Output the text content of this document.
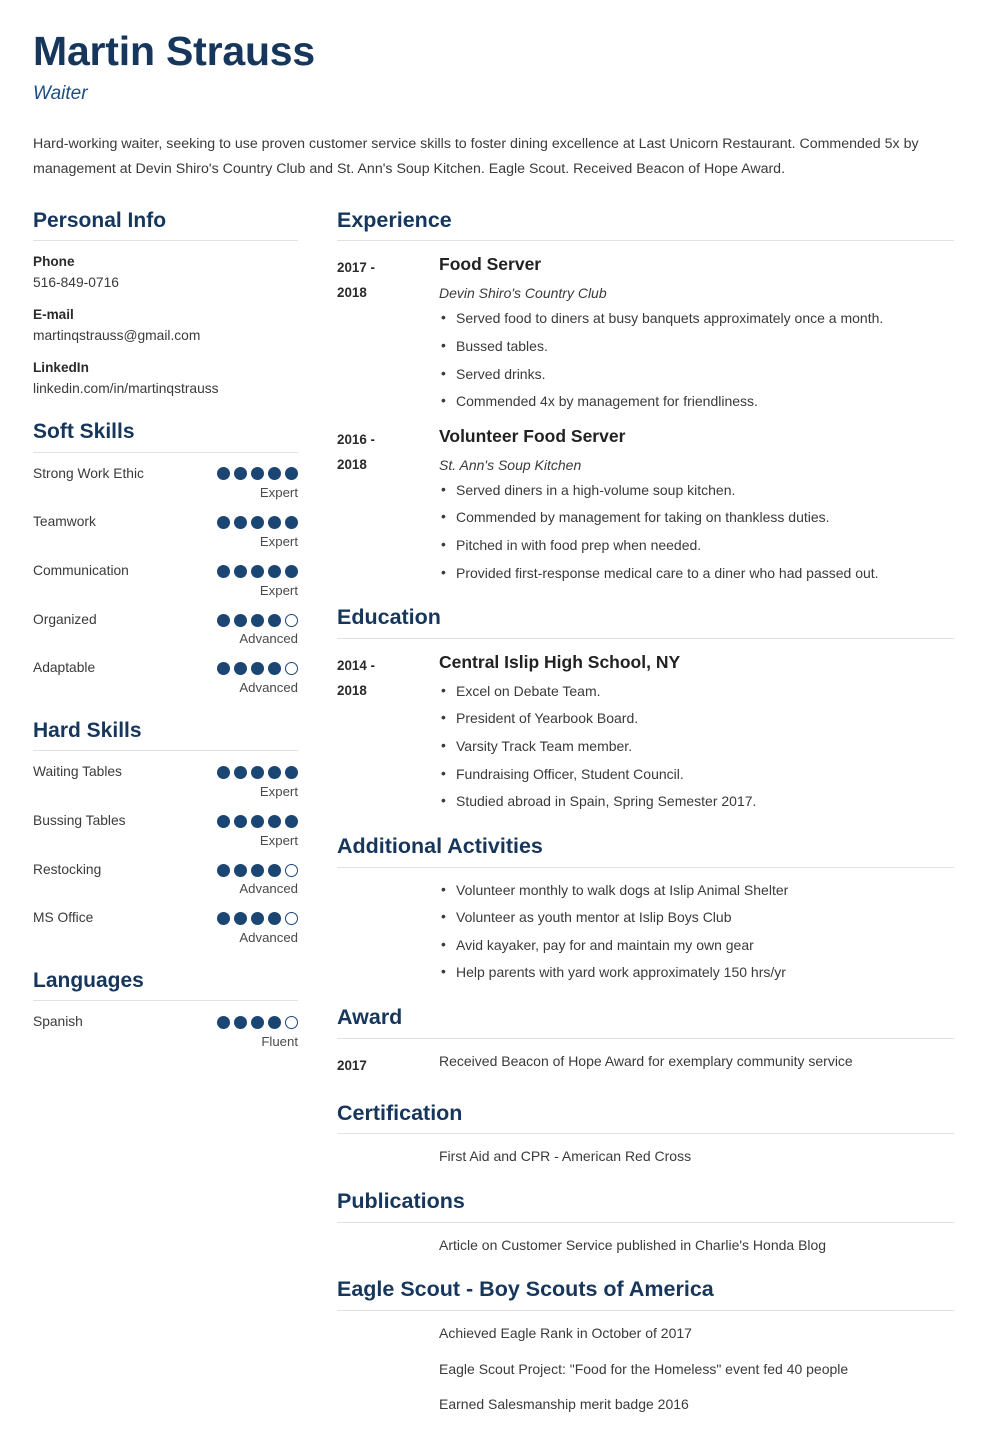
Martin Strauss
Waiter
Hard-working waiter, seeking to use proven customer service skills to foster dining excellence at Last Unicorn Restaurant. Commended 5x by management at Devin Shiro's Country Club and St. Ann's Soup Kitchen. Eagle Scout. Received Beacon of Hope Award.
Personal Info
Phone
516-849-0716
E-mail
martinqstrauss@gmail.com
LinkedIn
linkedin.com/in/martinqstrauss
Soft Skills
Strong Work Ethic
Expert
Teamwork
Expert
Communication
Expert
Organized
Advanced
Adaptable
Advanced
Hard Skills
Waiting Tables
Expert
Bussing Tables
Expert
Restocking
Advanced
MS Office
Advanced
Languages
Spanish
Fluent
Experience
2017 -
2018
Food Server
Devin Shiro's Country Club
• Served food to diners at busy banquets approximately once a month.
• Bussed tables.
• Served drinks.
• Commended 4x by management for friendliness.
2016 -
2018
Volunteer Food Server
St. Ann's Soup Kitchen
• Served diners in a high-volume soup kitchen.
• Commended by management for taking on thankless duties.
• Pitched in with food prep when needed.
• Provided first-response medical care to a diner who had passed out.
Education
2014 -
2018
Central Islip High School, NY
• Excel on Debate Team.
• President of Yearbook Board.
• Varsity Track Team member.
• Fundraising Officer, Student Council.
• Studied abroad in Spain, Spring Semester 2017.
Additional Activities
• Volunteer monthly to walk dogs at Islip Animal Shelter
• Volunteer as youth mentor at Islip Boys Club
• Avid kayaker, pay for and maintain my own gear
• Help parents with yard work approximately 150 hrs/yr
Award
2017	Received Beacon of Hope Award for exemplary community service
Certification
First Aid and CPR - American Red Cross
Publications
Article on Customer Service published in Charlie's Honda Blog
Eagle Scout - Boy Scouts of America
Achieved Eagle Rank in October of 2017
Eagle Scout Project: "Food for the Homeless" event fed 40 people
Earned Salesmanship merit badge 2016
